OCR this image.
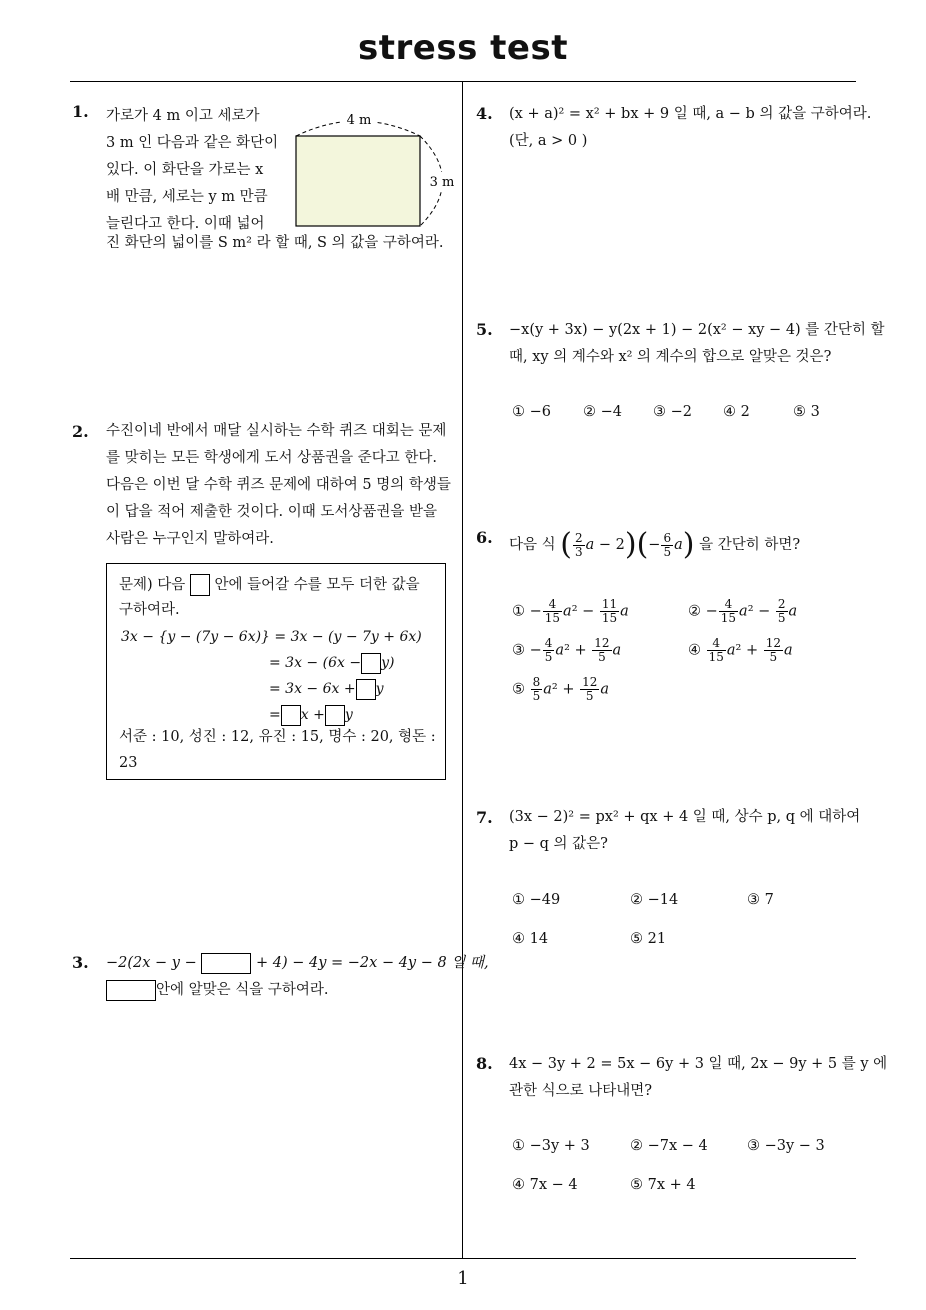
stress test
1
1. 가로가 4 m 이고 세로가
3 m 인 다음과 같은 화단이
있다. 이 화단을 가로는 x
배 만큼, 세로는 y m 만큼
늘린다고 한다. 이때 넓어
진 화단의 넓이를 S m² 라 할 때, S 의 값을 구하여라.
4 m
3 m
2. 수진이네 반에서 매달 실시하는 수학 퀴즈 대회는 문제
를 맞히는 모든 학생에게 도서 상품권을 준다고 한다.
다음은 이번 달 수학 퀴즈 문제에 대하여 5 명의 학생들
이 답을 적어 제출한 것이다. 이때 도서상품권을 받을
사람은 누구인지 말하여라.
문제) 다음 안에 들어갈 수를 모두 더한 값을
구하여라.
3x − {y − (7y − 6x)} = 3x − (y − 7y + 6x)
= 3x − (6x − y)
= 3x − 6x + y
= x + y
서준 : 10, 성진 : 12, 유진 : 15, 명수 : 20, 형돈 :
23
3. −2(2x − y −	+ 4) − 4y = −2x − 4y − 8 일 때,
안에 알맞은 식을 구하여라.
4. (x + a)² = x² + bx + 9 일 때, a − b 의 값을 구하여라.
(단, a > 0 )
5. −x(y + 3x) − y(2x + 1) − 2(x² − xy − 4) 를 간단히 할
때, xy 의 계수와 x² 의 계수의 합으로 알맞은 것은?
① −6 ② −4 ③ −2 ④ 2	⑤ 3
6. 다음 식 ( $\frac{2}{3}$ $a - 2)(- \frac{6}{5} a)$ 을 간단히 하면?
① − $\frac{4}{15} a^2 - \frac{11}{15}$ a	② − $\frac{4}{15} a^2 - \frac{2}{5}$ a
③ − $\frac{4}{5} a^2 + \frac{12}{5}$ a	④ $\frac{4}{15} a^2 + \frac{12}{5}$ a
⑤ $\frac{8}{5} a^2 + \frac{12}{5}$ a
7. (3x − 2)² = px² + qx + 4 일 때, 상수 p, q 에 대하여
p − q 의 값은?
① −49	② −14	③ 7
④ 14	⑤ 21
8. 4x − 3y + 2 = 5x − 6y + 3 일 때, 2x − 9y + 5 를 y 에
관한 식으로 나타내면?
① −3y + 3	② −7x − 4	③ −3y − 3
④ 7x − 4	⑤ 7x + 4
